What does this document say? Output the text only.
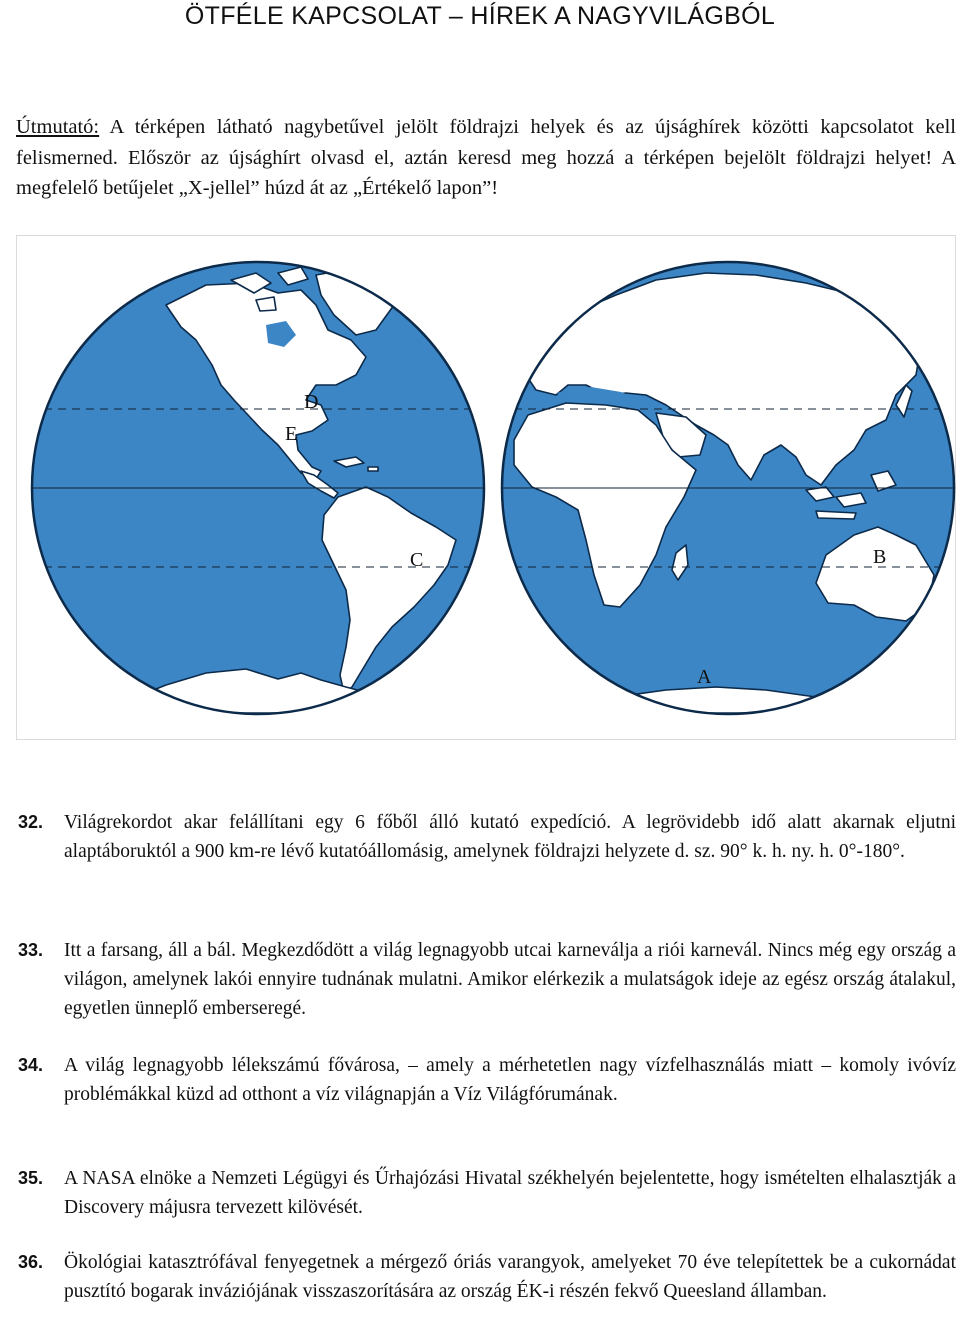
ÖTFÉLE KAPCSOLAT – HÍREK A NAGYVILÁGBÓL

Útmutató: A térképen látható nagybetűvel jelölt földrajzi helyek és az újsághírek közötti kapcsolatot kell felismerned. Először az újsághírt olvasd el, aztán keresd meg hozzá a térképen bejelölt földrajzi helyet! A megfelelő betűjelet „X-jellel” húzd át az „Értékelő lapon”!

D
E
C	B
A
32. Világrekordot akar felállítani egy 6 főből álló kutató expedíció. A legrövidebb idő alatt akarnak eljutni alaptáboruktól a 900 km-re lévő kutatóállomásig, amelynek földrajzi helyzete d. sz. 90° k. h. ny. h. 0°-180°.
33. Itt a farsang, áll a bál. Megkezdődött a világ legnagyobb utcai karneválja a riói karnevál. Nincs még egy ország a világon, amelynek lakói ennyire tudnának mulatni. Amikor elérkezik a mulatságok ideje az egész ország átalakul, egyetlen ünneplő emberseregé.
34. A világ legnagyobb lélekszámú fővárosa, – amely a mérhetetlen nagy vízfelhasználás miatt – komoly ivóvíz problémákkal küzd ad otthont a víz világnapján a Víz Világfórumának.
35. A NASA elnöke a Nemzeti Légügyi és Űrhajózási Hivatal székhelyén bejelentette, hogy ismételten elhalasztják a Discovery májusra tervezett kilövését.
36. Ökológiai katasztrófával fenyegetnek a mérgező óriás varangyok, amelyeket 70 éve telepítettek be a cukornádat pusztító bogarak inváziójának visszaszorítására az ország ÉK-i részén fekvő Queesland államban.
